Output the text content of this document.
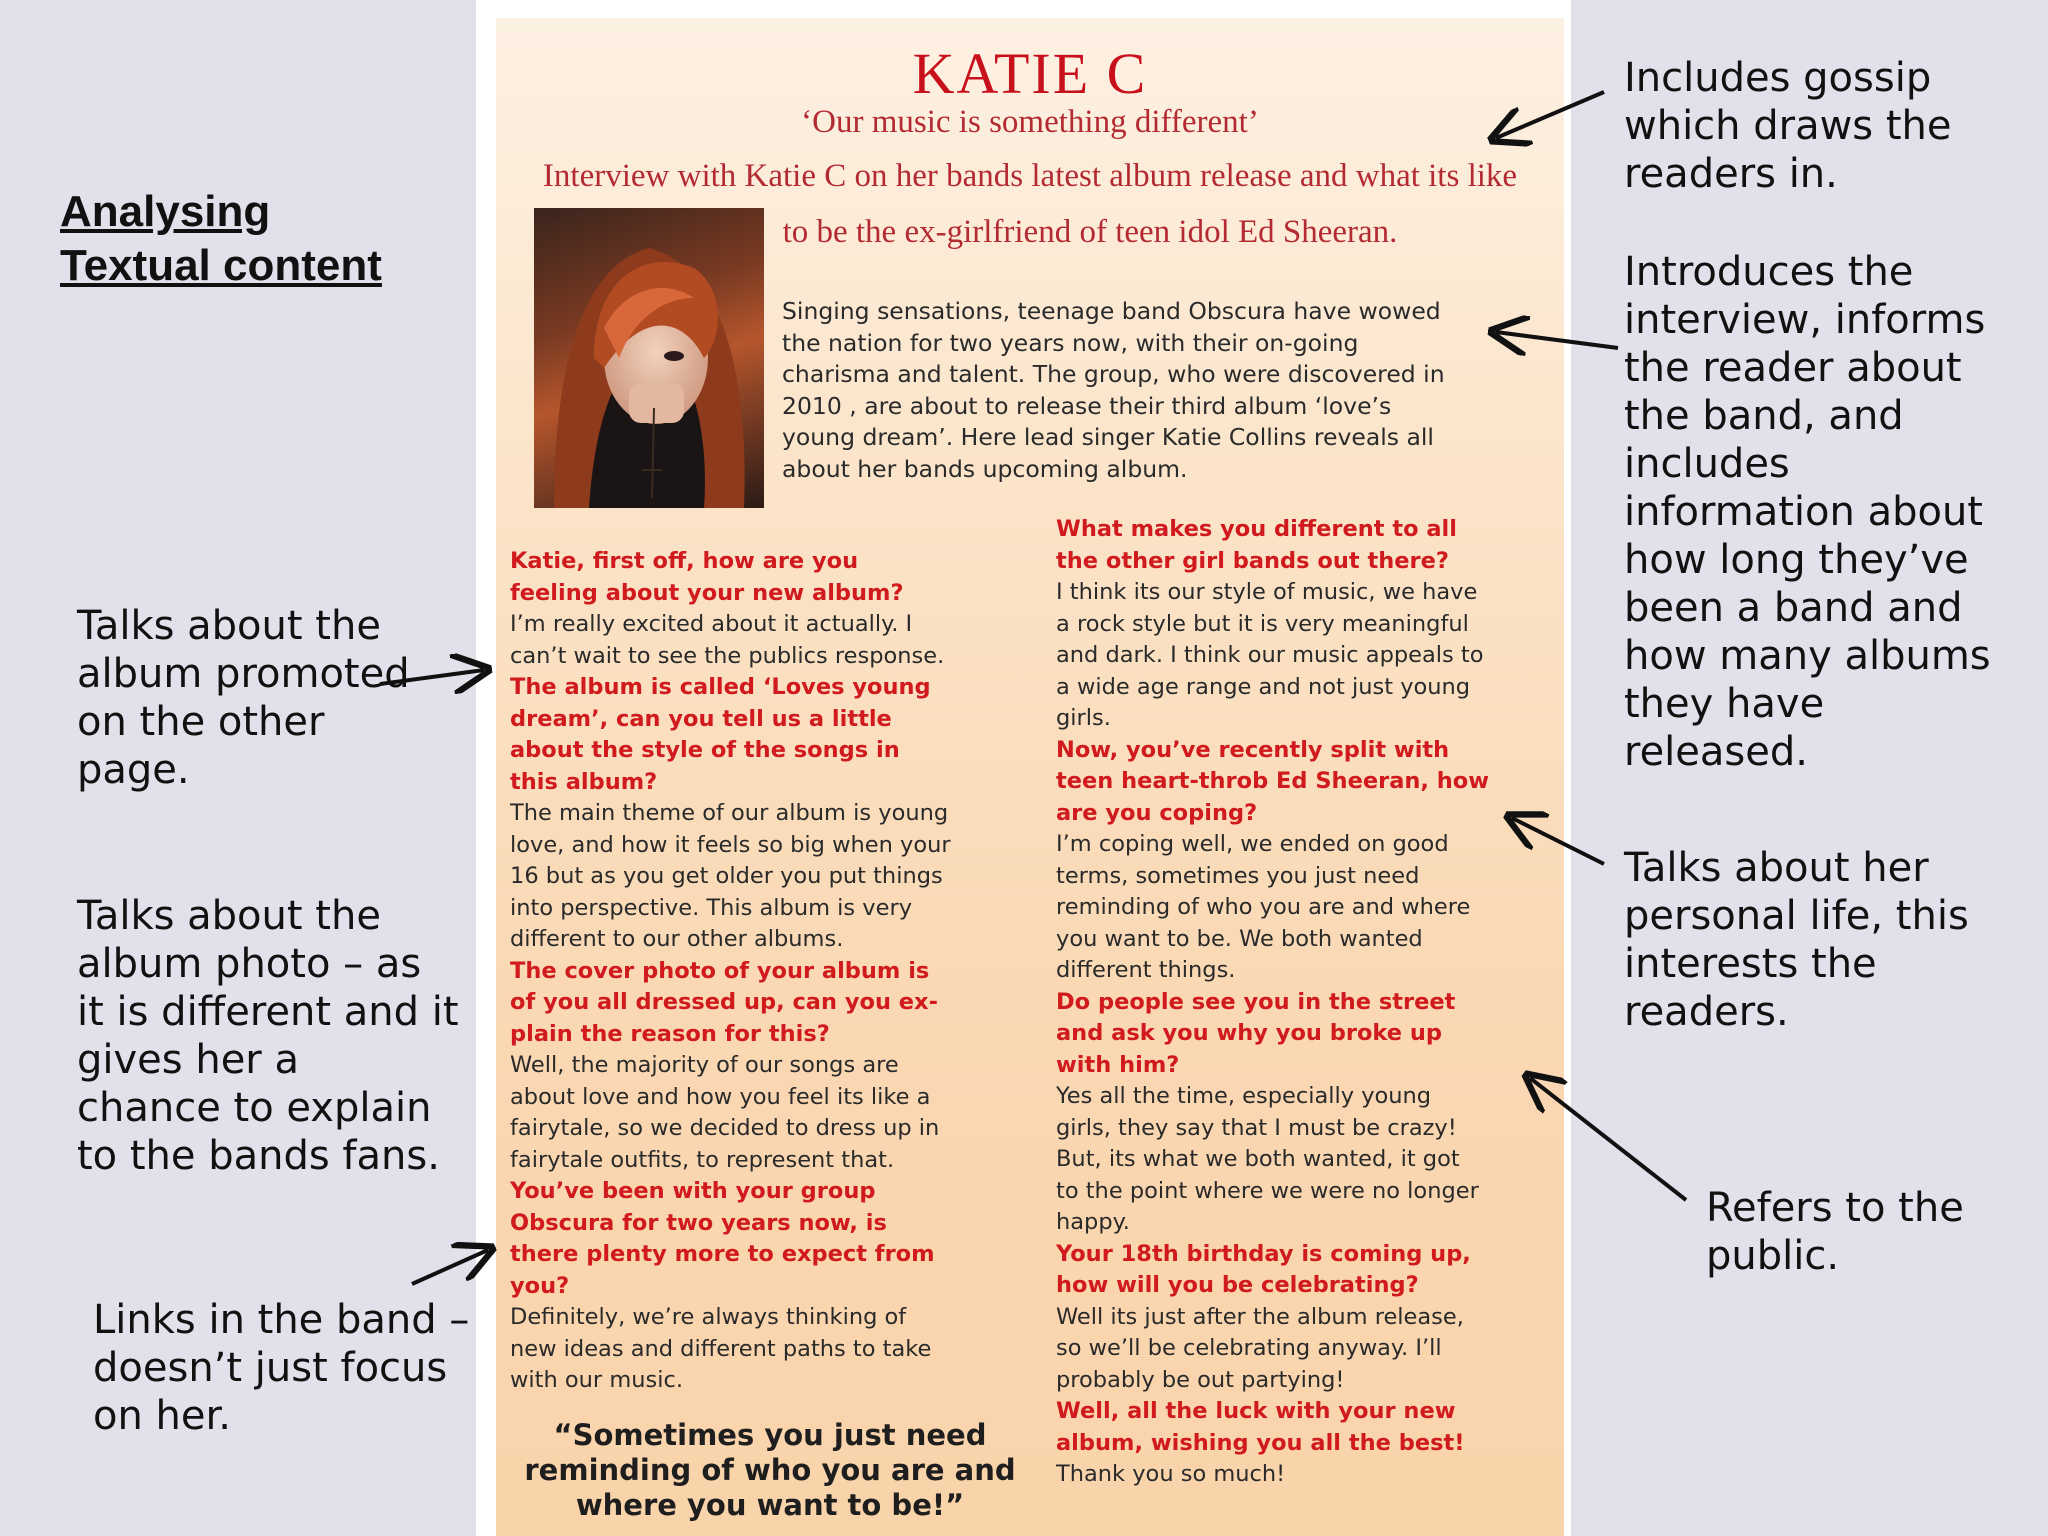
Analysing
Textual content
Talks about the
album promoted
on the other
page.
Talks about the
album photo – as
it is different and it
gives her a
chance to explain
to the bands fans.
Links in the band –
doesn’t just focus
on her.
Includes gossip
which draws the
readers in.
Introduces the
interview, informs
the reader about
the band, and
includes
information about
how long they’ve
been a band and
how many albums
they have
released.
Talks about her
personal life, this
interests the
readers.
Refers to the
public.
KATIE C
‘Our music is something different’
Interview with Katie C on her bands latest album release and what its like
to be the ex-girlfriend of teen idol Ed Sheeran.
Singing sensations, teenage band Obscura have wowed
the nation for two years now, with their on-going
charisma and talent. The group, who were discovered in
2010 , are about to release their third album ‘love’s
young dream’. Here lead singer Katie Collins reveals all
about her bands upcoming album.
Katie, first off, how are you
feeling about your new album?
I’m really excited about it actually. I
can’t wait to see the publics response.
The album is called ‘Loves young
dream’, can you tell us a little
about the style of the songs in
this album?
The main theme of our album is young
love, and how it feels so big when your
16 but as you get older you put things
into perspective. This album is very
different to our other albums.
The cover photo of your album is
of you all dressed up, can you ex-
plain the reason for this?
Well, the majority of our songs are
about love and how you feel its like a
fairytale, so we decided to dress up in
fairytale outfits, to represent that.
You’ve been with your group
Obscura for two years now, is
there plenty more to expect from
you?
Definitely, we’re always thinking of
new ideas and different paths to take
with our music.
What makes you different to all
the other girl bands out there?
I think its our style of music, we have
a rock style but it is very meaningful
and dark. I think our music appeals to
a wide age range and not just young
girls.
Now, you’ve recently split with
teen heart-throb Ed Sheeran, how
are you coping?
I’m coping well, we ended on good
terms, sometimes you just need
reminding of who you are and where
you want to be. We both wanted
different things.
Do people see you in the street
and ask you why you broke up
with him?
Yes all the time, especially young
girls, they say that I must be crazy!
But, its what we both wanted, it got
to the point where we were no longer
happy.
Your 18th birthday is coming up,
how will you be celebrating?
Well its just after the album release,
so we’ll be celebrating anyway. I’ll
probably be out partying!
Well, all the luck with your new
album, wishing you all the best!
Thank you so much!
“Sometimes you just need
reminding of who you are and
where you want to be!”
